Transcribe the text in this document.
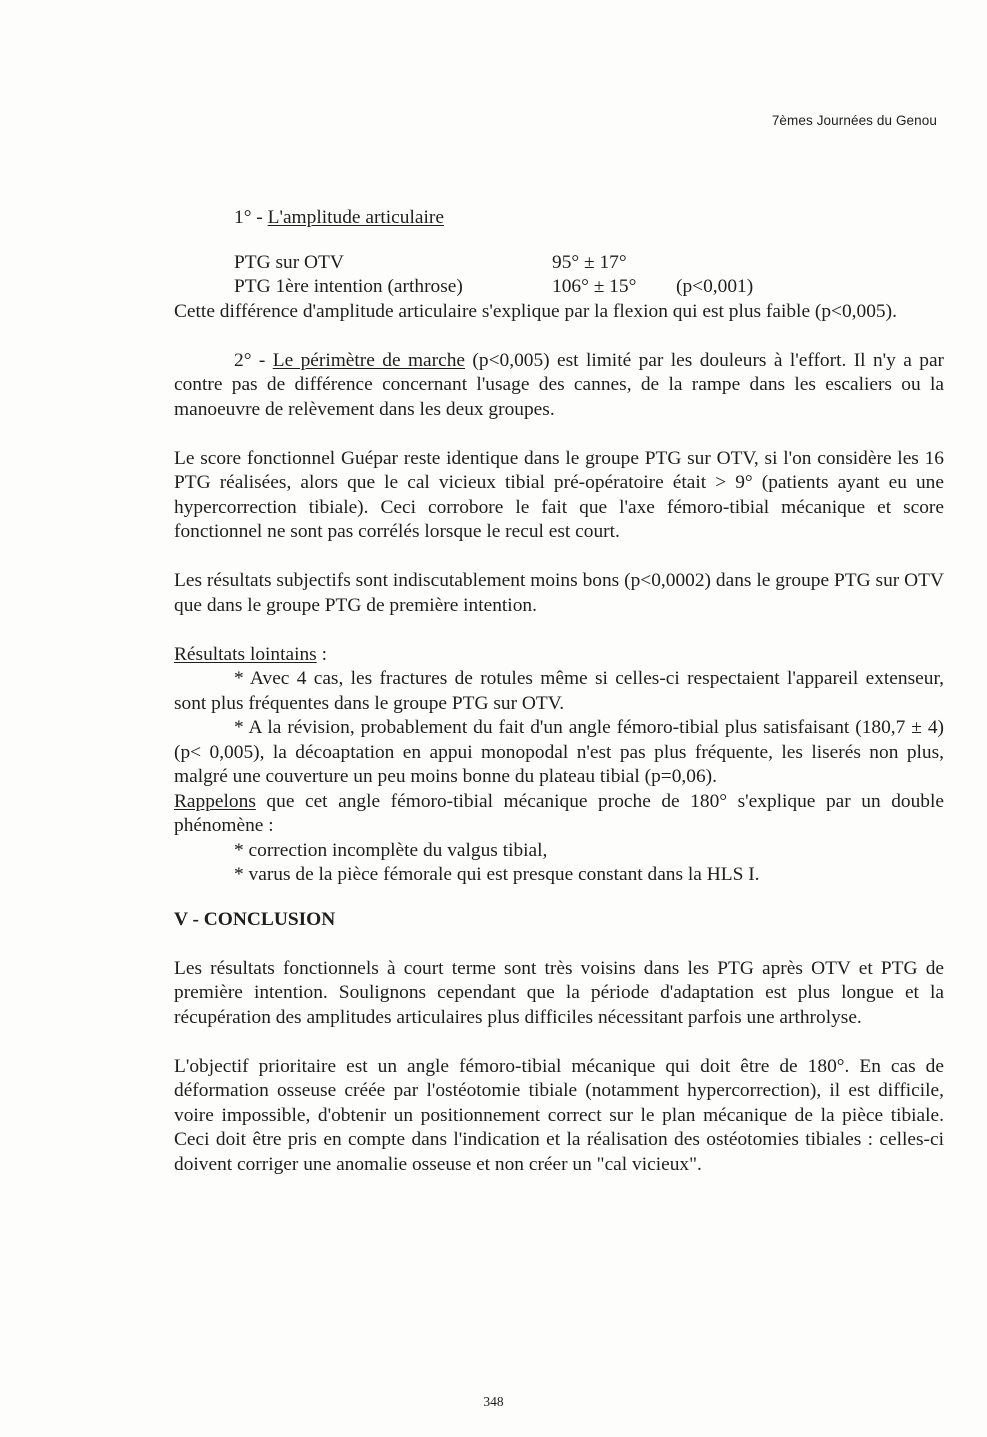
7èmes Journées du Genou

1° - L'amplitude articulaire

PTG sur OTV	95° ± 17°
PTG 1ère intention (arthrose)	106° ± 15°	(p<0,001)

Cette différence d'amplitude articulaire s'explique par la flexion qui est plus faible (p<0,005).

2° - Le périmètre de marche (p<0,005) est limité par les douleurs à l'effort. Il n'y a par contre pas de différence concernant l'usage des cannes, de la rampe dans les escaliers ou la manoeuvre de relèvement dans les deux groupes.

Le score fonctionnel Guépar reste identique dans le groupe PTG sur OTV, si l'on considère les 16 PTG réalisées, alors que le cal vicieux tibial pré-opératoire était > 9° (patients ayant eu une hypercorrection tibiale). Ceci corrobore le fait que l'axe fémoro-tibial mécanique et score fonctionnel ne sont pas corrélés lorsque le recul est court.

Les résultats subjectifs sont indiscutablement moins bons (p<0,0002) dans le groupe PTG sur OTV que dans le groupe PTG de première intention.

Résultats lointains :

* Avec 4 cas, les fractures de rotules même si celles-ci respectaient l'appareil extenseur, sont plus fréquentes dans le groupe PTG sur OTV.

* A la révision, probablement du fait d'un angle fémoro-tibial plus satisfaisant (180,7 ± 4) (p< 0,005), la décoaptation en appui monopodal n'est pas plus fréquente, les liserés non plus, malgré une couverture un peu moins bonne du plateau tibial (p=0,06).

Rappelons que cet angle fémoro-tibial mécanique proche de 180° s'explique par un double phénomène :

* correction incomplète du valgus tibial,

* varus de la pièce fémorale qui est presque constant dans la HLS I.

V - CONCLUSION

Les résultats fonctionnels à court terme sont très voisins dans les PTG après OTV et PTG de première intention. Soulignons cependant que la période d'adaptation est plus longue et la récupération des amplitudes articulaires plus difficiles nécessitant parfois une arthrolyse.

L'objectif prioritaire est un angle fémoro-tibial mécanique qui doit être de 180°. En cas de déformation osseuse créée par l'ostéotomie tibiale (notamment hypercorrection), il est difficile, voire impossible, d'obtenir un positionnement correct sur le plan mécanique de la pièce tibiale. Ceci doit être pris en compte dans l'indication et la réalisation des ostéotomies tibiales : celles-ci doivent corriger une anomalie osseuse et non créer un "cal vicieux".

348
